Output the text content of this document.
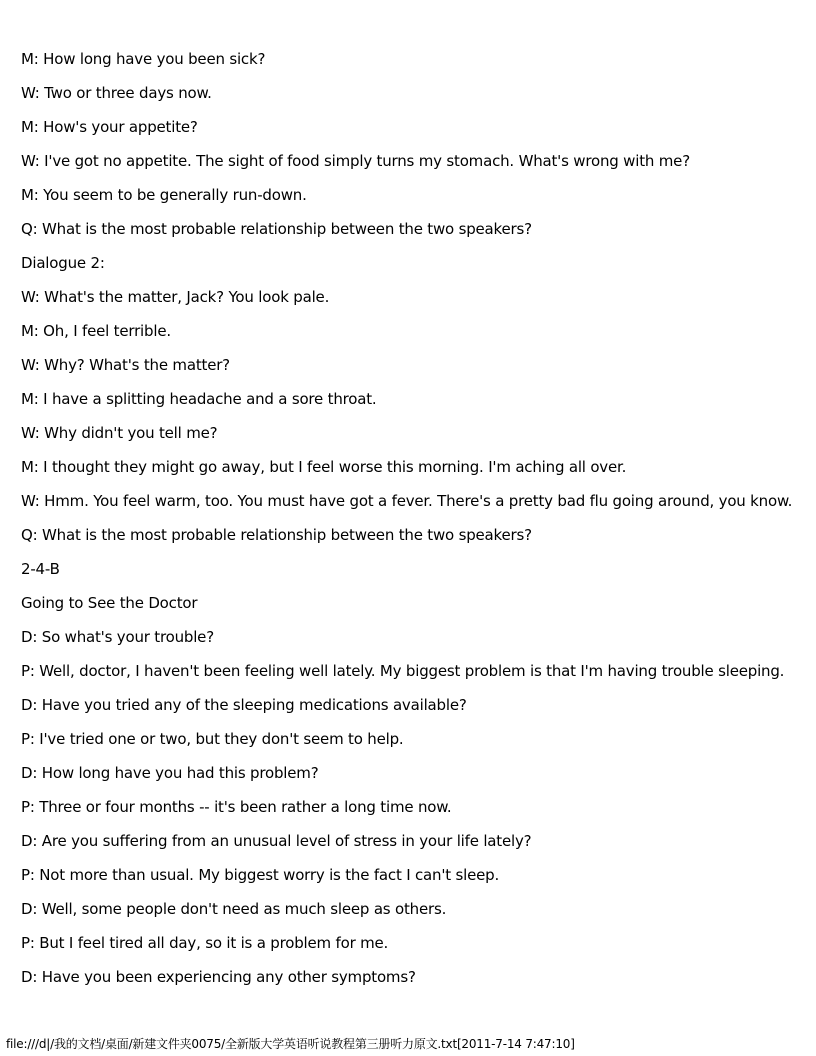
M: How long have you been sick?
W: Two or three days now.
M: How's your appetite?
W: I've got no appetite. The sight of food simply turns my stomach. What's wrong with me?
M: You seem to be generally run-down.
Q: What is the most probable relationship between the two speakers?
Dialogue 2:
W: What's the matter, Jack? You look pale.
M: Oh, I feel terrible.
W: Why? What's the matter?
M: I have a splitting headache and a sore throat.
W: Why didn't you tell me?
M: I thought they might go away, but I feel worse this morning. I'm aching all over.
W: Hmm. You feel warm, too. You must have got a fever. There's a pretty bad flu going around, you know.
Q: What is the most probable relationship between the two speakers?
2-4-B
Going to See the Doctor
D: So what's your trouble?
P: Well, doctor, I haven't been feeling well lately. My biggest problem is that I'm having trouble sleeping.
D: Have you tried any of the sleeping medications available?
P: I've tried one or two, but they don't seem to help.
D: How long have you had this problem?
P: Three or four months -- it's been rather a long time now.
D: Are you suffering from an unusual level of stress in your life lately?
P: Not more than usual. My biggest worry is the fact I can't sleep.
D: Well, some people don't need as much sleep as others.
P: But I feel tired all day, so it is a problem for me.
D: Have you been experiencing any other symptoms?
file:///d|/我的文档/桌面/新建文件夹0075/全新版大学英语听说教程第三册听力原文.txt[2011-7-14 7:47:10]
